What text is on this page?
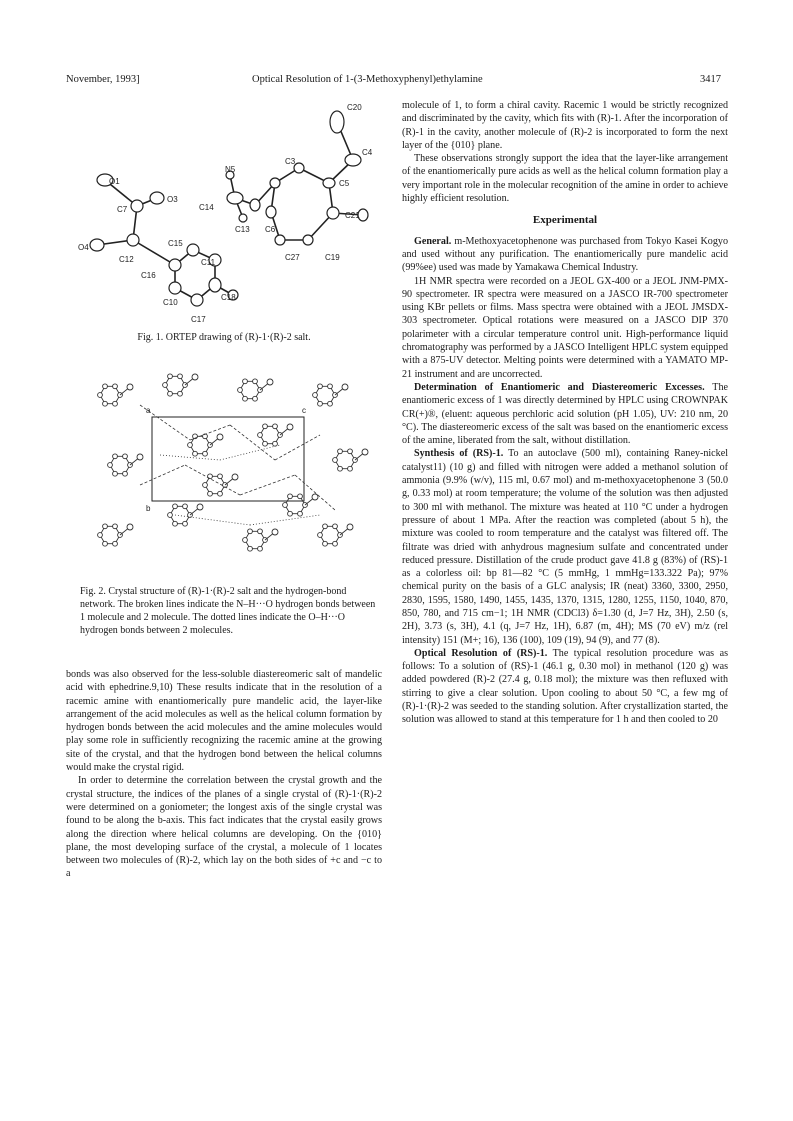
November, 1993]	Optical Resolution of 1-(3-Methoxyphenyl)ethylamine	3417
C20
C4
C3
C5
N5
C14
C21
C13 C6
C27	C19
O1
C7
O3
C15
O4
C12	C11
C16
C10
C18
C17
Fig. 1. ORTEP drawing of (R)-1·(R)-2 salt.
a	c
b
Fig. 2. Crystal structure of (R)-1·(R)-2 salt and the hydrogen-bond network. The broken lines indicate the N–H···O hydrogen bonds between 1 molecule and 2 molecule. The dotted lines indicate the O–H···O hydrogen bonds between 2 molecules.

bonds was also observed for the less-soluble diastereomeric salt of mandelic acid with ephedrine.9,10) These results indicate that in the resolution of a racemic amine with enantiomerically pure mandelic acid, the layer-like arrangement of the acid molecules as well as the helical column formation by hydrogen bonds between the acid molecules and the amine molecules would play some role in sufficiently recognizing the racemic amine at the growing site of the crystal, and that the hydrogen bond between the helical columns would make the crystal rigid.

In order to determine the correlation between the crystal growth and the crystal structure, the indices of the planes of a single crystal of (R)-1·(R)-2 were determined on a goniometer; the longest axis of the single crystal was found to be along the b-axis. This fact indicates that the crystal easily grows along the direction where helical columns are developing. On the {010} plane, the most developing surface of the crystal, a molecule of 1 locates between two molecules of (R)-2, which lay on the both sides of +c and −c to a

molecule of 1, to form a chiral cavity. Racemic 1 would be strictly recognized and discriminated by the cavity, which fits with (R)-1. After the incorporation of (R)-1 in the cavity, another molecule of (R)-2 is incorporated to form the next layer of the {010} plane.

These observations strongly support the idea that the layer-like arrangement of the enantiomerically pure acids as well as the helical column formation play a very important role in the molecular recognition of the amine in order to achieve highly efficient resolution.

Experimental

General. m-Methoxyacetophenone was purchased from Tokyo Kasei Kogyo and used without any purification. The enantiomerically pure mandelic acid (99%ee) used was made by Yamakawa Chemical Industry.

1H NMR spectra were recorded on a JEOL GX-400 or a JEOL JNM-PMX-90 spectrometer. IR spectra were measured on a JASCO IR-700 spectrometer using KBr pellets or films. Mass spectra were obtained with a JEOL JMSDX-303 spectrometer. Optical rotations were measured on a JASCO DIP 370 polarimeter with a circular temperature control unit. High-performance liquid chromatography was performed by a JASCO Intelligent HPLC system equipped with a 875-UV detector. Melting points were determined with a YAMATO MP-21 instrument and are uncorrected.

Determination of Enantiomeric and Diastereomeric Excesses. The enantiomeric excess of 1 was directly determined by HPLC using CROWNPAK CR(+)®, (eluent: aqueous perchloric acid solution (pH 1.05), UV: 210 nm, 20 °C). The diastereomeric excess of the salt was based on the enantiomeric excess of the amine, liberated from the salt, without distillation.

Synthesis of (RS)-1. To an autoclave (500 ml), containing Raney-nickel catalyst11) (10 g) and filled with nitrogen were added a methanol solution of ammonia (9.9% (w/v), 115 ml, 0.67 mol) and m-methoxyacetophenone 3 (50.0 g, 0.33 mol) at room temperature; the volume of the solution was then adjusted to 300 ml with methanol. The mixture was heated at 110 °C under a hydrogen pressure of about 1 MPa. After the reaction was completed (about 5 h), the mixture was cooled to room temperature and the catalyst was filtered off. The filtrate was dried with anhydrous magnesium sulfate and concentrated under reduced pressure. Distillation of the crude product gave 41.8 g (83%) of (RS)-1 as a colorless oil: bp 81—82 °C (5 mmHg, 1 mmHg=133.322 Pa); 97% chemical purity on the basis of a GLC analysis; IR (neat) 3360, 3300, 2950, 2830, 1595, 1580, 1490, 1455, 1435, 1370, 1315, 1280, 1255, 1150, 1040, 870, 850, 780, and 715 cm−1; 1H NMR (CDCl3) δ=1.30 (d, J=7 Hz, 3H), 2.50 (s, 2H), 3.73 (s, 3H), 4.1 (q, J=7 Hz, 1H), 6.87 (m, 4H); MS (70 eV) m/z (rel intensity) 151 (M+; 16), 136 (100), 109 (19), 94 (9), and 77 (8).

Optical Resolution of (RS)-1. The typical resolution procedure was as follows: To a solution of (RS)-1 (46.1 g, 0.30 mol) in methanol (120 g) was added powdered (R)-2 (27.4 g, 0.18 mol); the mixture was then refluxed with stirring to give a clear solution. Upon cooling to about 50 °C, a few mg of (R)-1·(R)-2 was seeded to the standing solution. After crystallization started, the solution was allowed to stand at this temperature for 1 h and then cooled to 20
